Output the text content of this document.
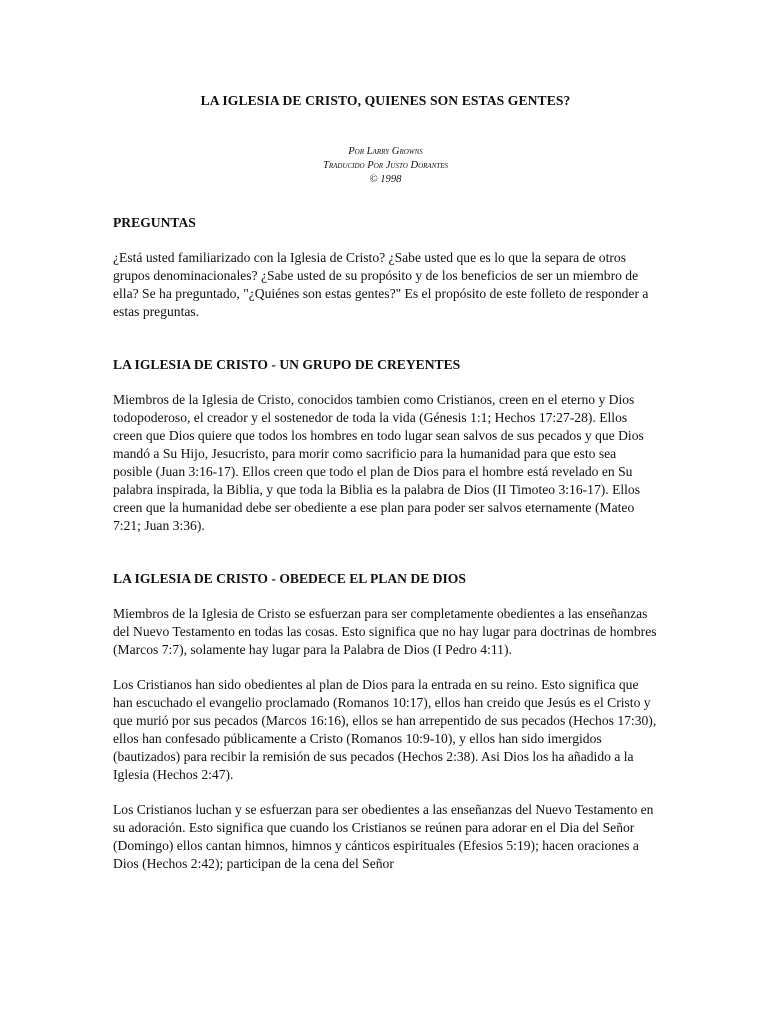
LA IGLESIA DE CRISTO, QUIENES SON ESTAS GENTES?
Por Larry Growns
Traducido Por Justo Dorantes
© 1998
PREGUNTAS

¿Está usted familiarizado con la Iglesia de Cristo? ¿Sabe usted que es lo que la separa de otros grupos denominacionales? ¿Sabe usted de su propósito y de los beneficios de ser un miembro de ella? Se ha preguntado, "¿Quiénes son estas gentes?" Es el propósito de este folleto de responder a estas preguntas.

LA IGLESIA DE CRISTO - UN GRUPO DE CREYENTES

Miembros de la Iglesia de Cristo, conocidos tambien como Cristianos, creen en el eterno y Dios todopoderoso, el creador y el sostenedor de toda la vida (Génesis 1:1; Hechos 17:27-28). Ellos creen que Dios quiere que todos los hombres en todo lugar sean salvos de sus pecados y que Dios mandó a Su Hijo, Jesucristo, para morir como sacrificio para la humanidad para que esto sea posible (Juan 3:16-17). Ellos creen que todo el plan de Dios para el hombre está revelado en Su palabra inspirada, la Biblia, y que toda la Biblia es la palabra de Dios (II Timoteo 3:16-17). Ellos creen que la humanidad debe ser obediente a ese plan para poder ser salvos eternamente (Mateo 7:21; Juan 3:36).

LA IGLESIA DE CRISTO - OBEDECE EL PLAN DE DIOS

Miembros de la Iglesia de Cristo se esfuerzan para ser completamente obedientes a las enseñanzas del Nuevo Testamento en todas las cosas. Esto significa que no hay lugar para doctrinas de hombres (Marcos 7:7), solamente hay lugar para la Palabra de Dios (I Pedro 4:11).

Los Cristianos han sido obedientes al plan de Dios para la entrada en su reino. Esto significa que han escuchado el evangelio proclamado (Romanos 10:17), ellos han creido que Jesús es el Cristo y que murió por sus pecados (Marcos 16:16), ellos se han arrepentido de sus pecados (Hechos 17:30), ellos han confesado públicamente a Cristo (Romanos 10:9-10), y ellos han sido imergidos (bautizados) para recibir la remisión de sus pecados (Hechos 2:38). Asi Dios los ha añadido a la Iglesia (Hechos 2:47).

Los Cristianos luchan y se esfuerzan para ser obedientes a las enseñanzas del Nuevo Testamento en su adoración. Esto significa que cuando los Cristianos se reúnen para adorar en el Dia del Señor (Domingo) ellos cantan himnos, himnos y cánticos espirituales (Efesios 5:19); hacen oraciones a Dios (Hechos 2:42); participan de la cena del Señor
